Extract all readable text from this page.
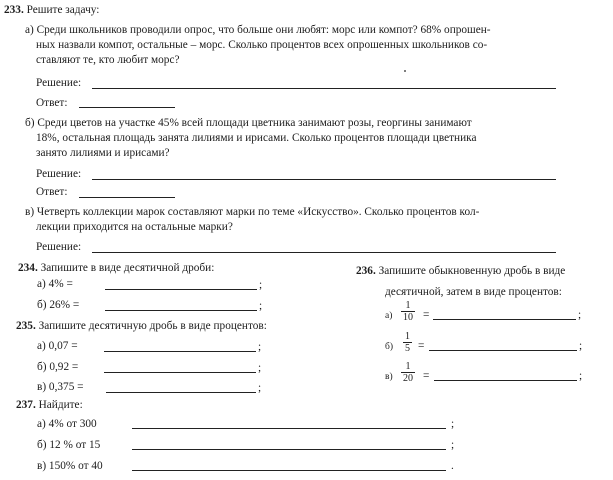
233. Решите задачу:
а) Среди школьников проводили опрос, что больше они любят: морс или компот? 68% опрошен-
ных назвали компот, остальные – морс. Сколько процентов всех опрошенных школьников со-
ставляют те, кто любит морс?
Решение:
Ответ:
б) Среди цветов на участке 45% всей площади цветника занимают розы, георгины занимают
18%, остальная площадь занята лилиями и ирисами. Сколько процентов площади цветника
занято лилиями и ирисами?
Решение:
Ответ:
в) Четверть коллекции марок составляют марки по теме «Искусство». Сколько процентов кол-
лекции приходится на остальные марки?
Решение:
234. Запишите в виде десятичной дроби:
а) 4% =	;
б) 26% =	;
235. Запишите десятичную дробь в виде процентов:
а) 0,07 =	;
б) 0,92 =	;
в) 0,375 =	;
236. Запишите обыкновенную дробь в виде
десятичной, затем в виде процентов:
$а) \frac{1}{10}$ =	;
$б) \frac{1}{5}$ =	;
$в) \frac{1}{20}$ =	;
237. Найдите:
а) 4% от 300	;
б) 12 % от 15	;
в) 150% от 40	.
